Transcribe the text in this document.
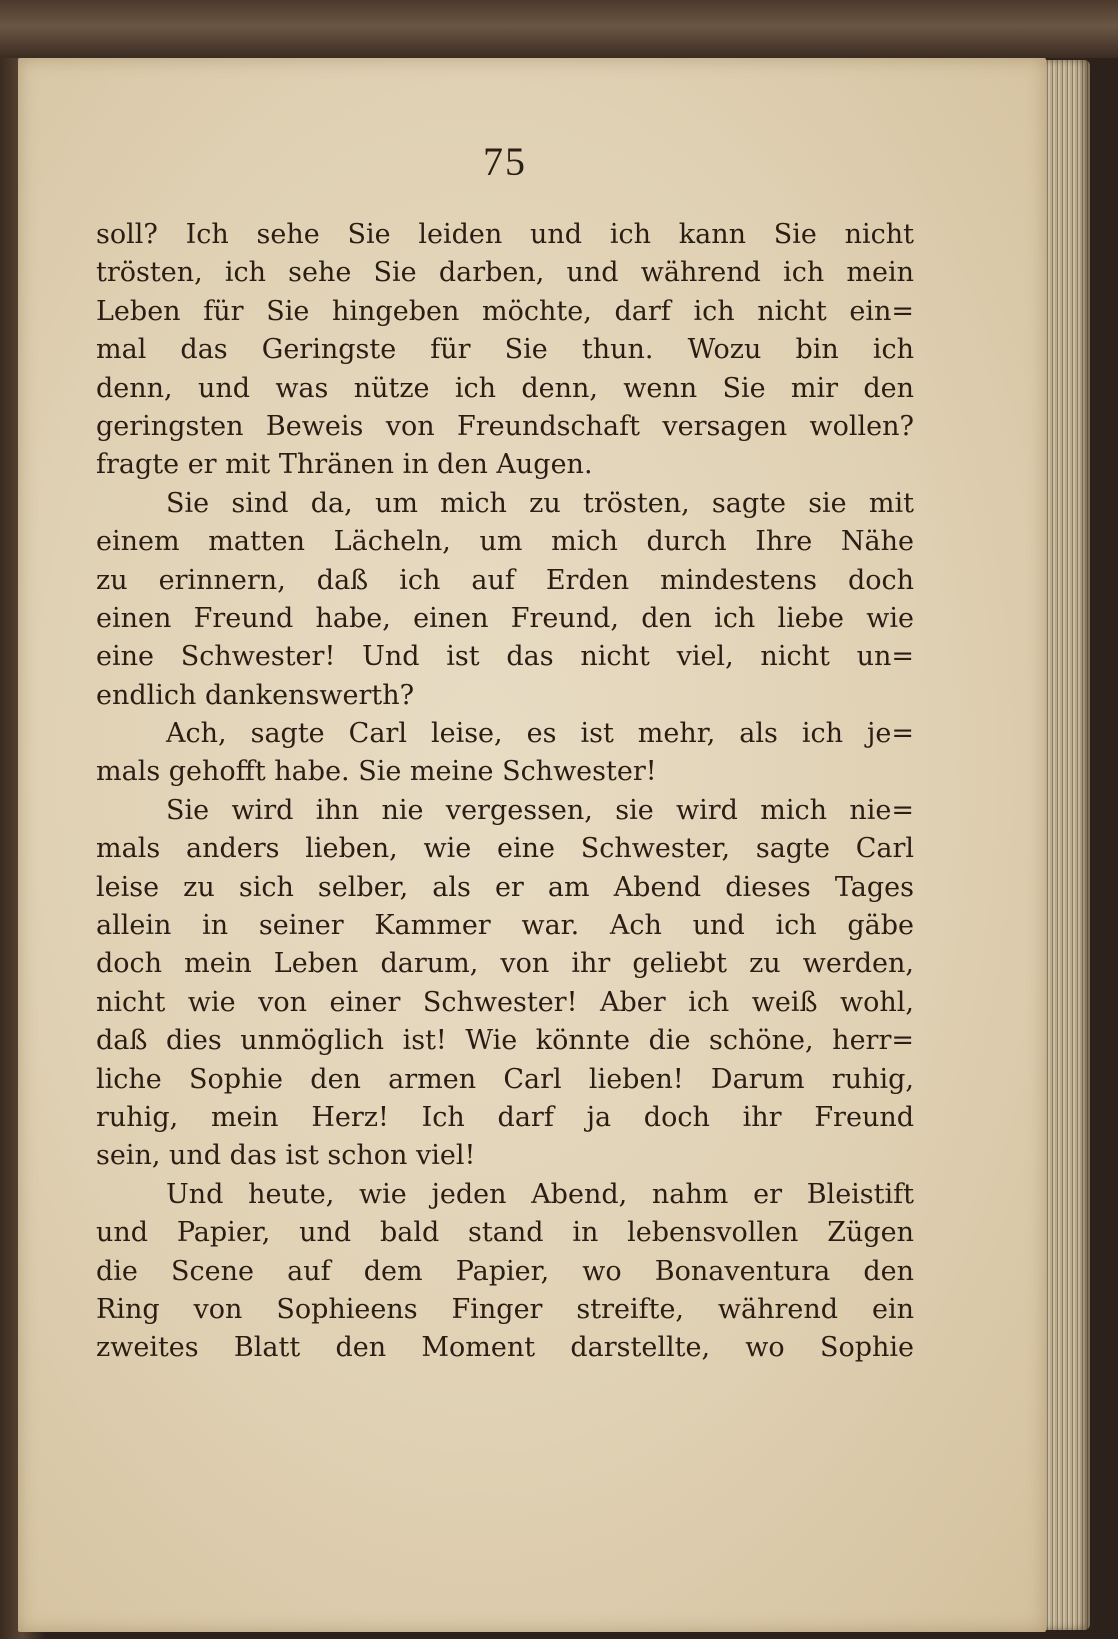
75
soll? Ich sehe Sie leiden und ich kann Sie nicht
trösten, ich sehe Sie darben, und während ich mein
Leben für Sie hingeben möchte, darf ich nicht ein=
mal das Geringste für Sie thun. Wozu bin ich
denn, und was nütze ich denn, wenn Sie mir den
geringsten Beweis von Freundschaft versagen wollen?
fragte er mit Thränen in den Augen.
Sie sind da, um mich zu trösten, sagte sie mit
einem matten Lächeln, um mich durch Ihre Nähe
zu erinnern, daß ich auf Erden mindestens doch
einen Freund habe, einen Freund, den ich liebe wie
eine Schwester! Und ist das nicht viel, nicht un=
endlich dankenswerth?
Ach, sagte Carl leise, es ist mehr, als ich je=
mals gehofft habe. Sie meine Schwester!
Sie wird ihn nie vergessen, sie wird mich nie=
mals anders lieben, wie eine Schwester, sagte Carl
leise zu sich selber, als er am Abend dieses Tages
allein in seiner Kammer war. Ach und ich gäbe
doch mein Leben darum, von ihr geliebt zu werden,
nicht wie von einer Schwester! Aber ich weiß wohl,
daß dies unmöglich ist! Wie könnte die schöne, herr=
liche Sophie den armen Carl lieben! Darum ruhig,
ruhig, mein Herz! Ich darf ja doch ihr Freund
sein, und das ist schon viel!
Und heute, wie jeden Abend, nahm er Bleistift
und Papier, und bald stand in lebensvollen Zügen
die Scene auf dem Papier, wo Bonaventura den
Ring von Sophieens Finger streifte, während ein
zweites Blatt den Moment darstellte, wo Sophie
